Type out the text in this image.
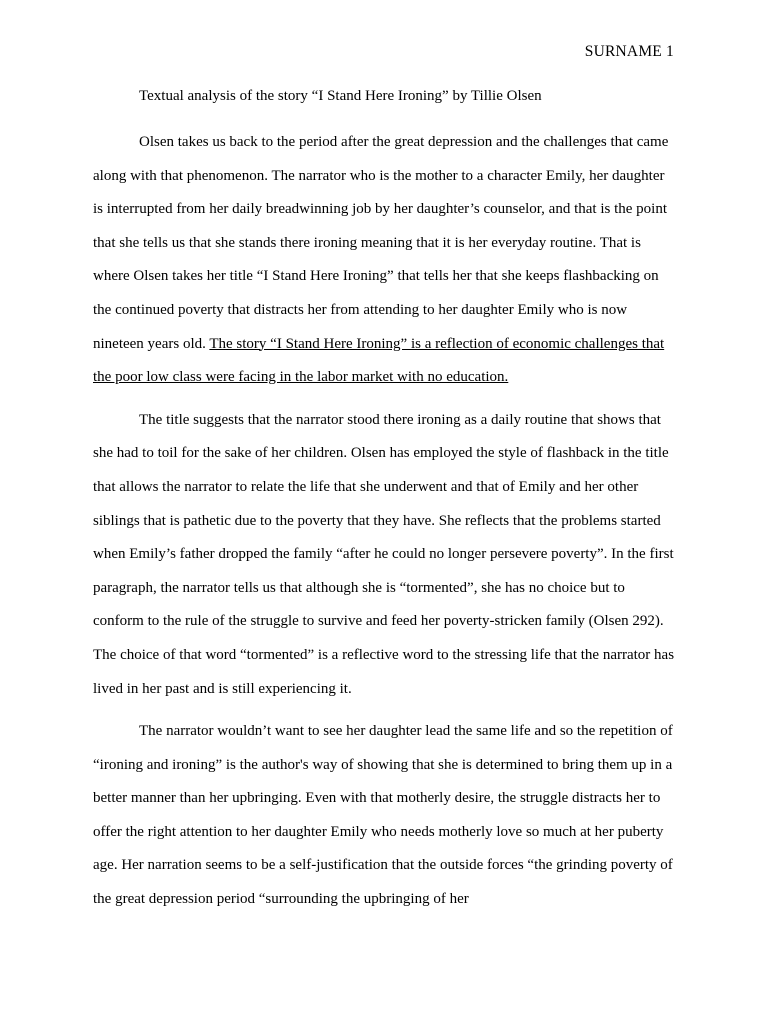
SURNAME 1

Textual analysis of the story “I Stand Here Ironing” by Tillie Olsen

Olsen takes us back to the period after the great depression and the challenges that came along with that phenomenon. The narrator who is the mother to a character Emily, her daughter is interrupted from her daily breadwinning job by her daughter’s counselor, and that is the point that she tells us that she stands there ironing meaning that it is her everyday routine. That is where Olsen takes her title “I Stand Here Ironing” that tells her that she keeps flashbacking on the continued poverty that distracts her from attending to her daughter Emily who is now nineteen years old. The story “I Stand Here Ironing” is a reflection of economic challenges that the poor low class were facing in the labor market with no education.

The title suggests that the narrator stood there ironing as a daily routine that shows that she had to toil for the sake of her children. Olsen has employed the style of flashback in the title that allows the narrator to relate the life that she underwent and that of Emily and her other siblings that is pathetic due to the poverty that they have. She reflects that the problems started when Emily’s father dropped the family “after he could no longer persevere poverty”. In the first paragraph, the narrator tells us that although she is “tormented”, she has no choice but to conform to the rule of the struggle to survive and feed her poverty-stricken family (Olsen 292). The choice of that word “tormented” is a reflective word to the stressing life that the narrator has lived in her past and is still experiencing it.

The narrator wouldn’t want to see her daughter lead the same life and so the repetition of “ironing and ironing” is the author's way of showing that she is determined to bring them up in a better manner than her upbringing. Even with that motherly desire, the struggle distracts her to offer the right attention to her daughter Emily who needs motherly love so much at her puberty age. Her narration seems to be a self-justification that the outside forces “the grinding poverty of the great depression period “surrounding the upbringing of her
